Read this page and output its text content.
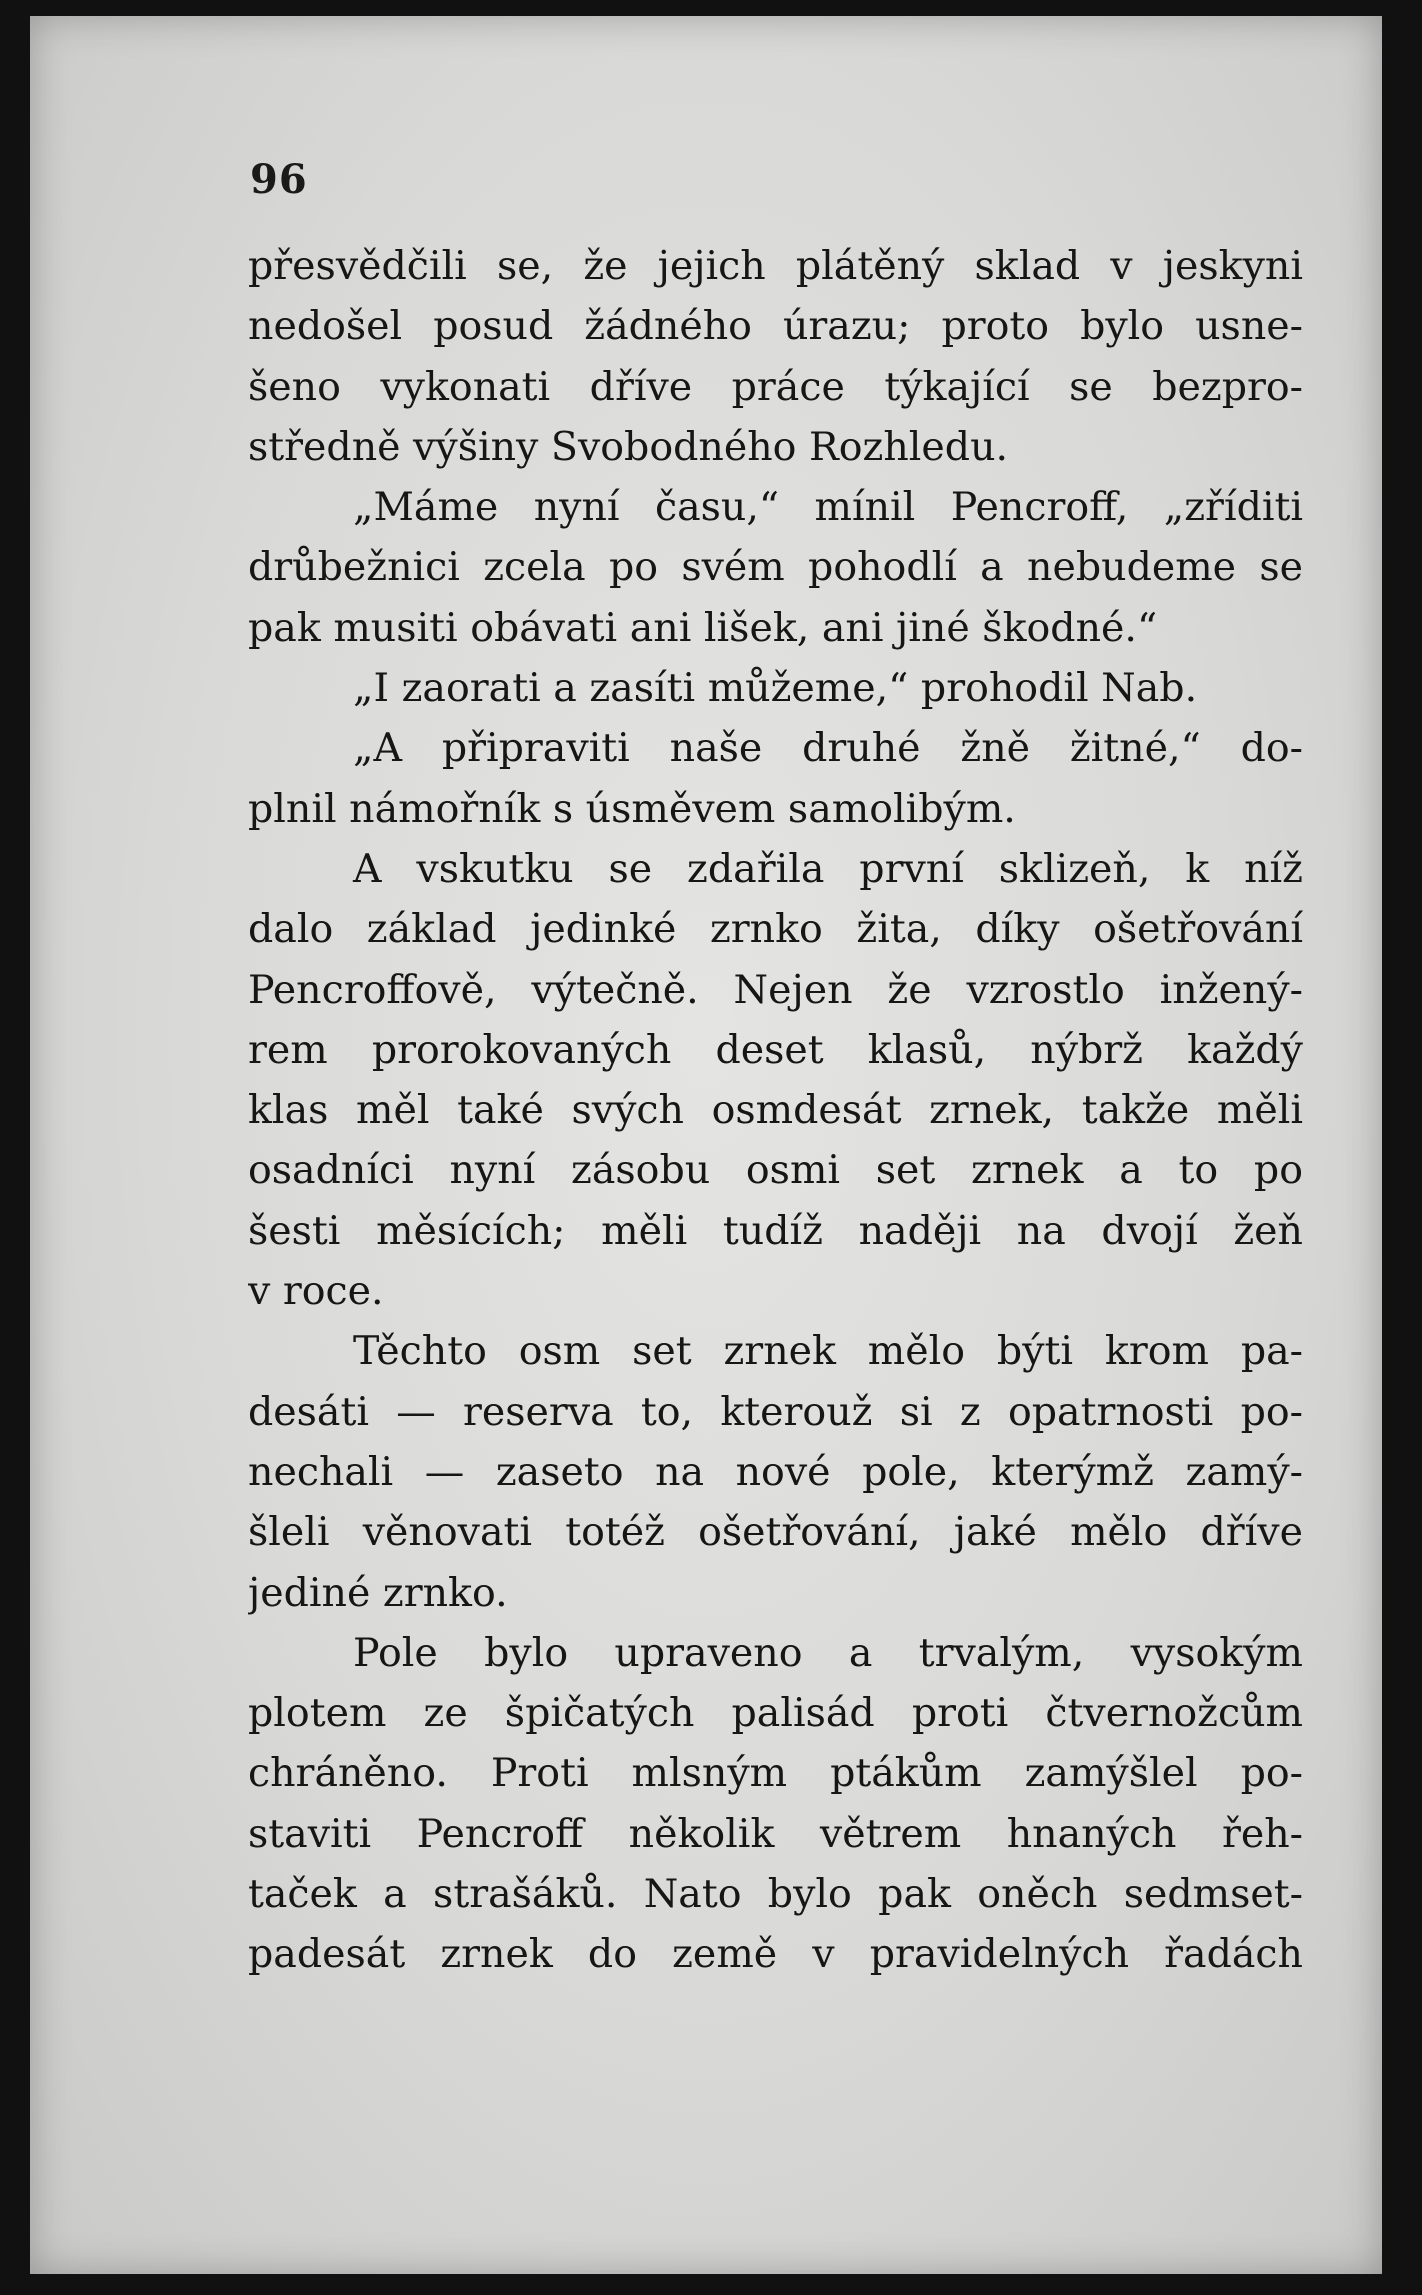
96
přesvědčili se, že jejich plátěný sklad v jeskyni
nedošel posud žádného úrazu; proto bylo usne-
šeno vykonati dříve práce týkající se bezpro-
středně výšiny Svobodného Rozhledu.
„Máme nyní času,“ mínil Pencroff, „zříditi
drůbežnici zcela po svém pohodlí a nebudeme se
pak musiti obávati ani lišek, ani jiné škodné.“
„I zaorati a zasíti můžeme,“ prohodil Nab.
„A připraviti naše druhé žně žitné,“ do-
plnil námořník s úsměvem samolibým.
A vskutku se zdařila první sklizeň, k níž
dalo základ jedinké zrnko žita, díky ošetřování
Pencroffově, výtečně. Nejen že vzrostlo inžený-
rem prorokovaných deset klasů, nýbrž každý
klas měl také svých osmdesát zrnek, takže měli
osadníci nyní zásobu osmi set zrnek a to po
šesti měsících; měli tudíž naději na dvojí žeň
v roce.
Těchto osm set zrnek mělo býti krom pa-
desáti — reserva to, kterouž si z opatrnosti po-
nechali — zaseto na nové pole, kterýmž zamý-
šleli věnovati totéž ošetřování, jaké mělo dříve
jediné zrnko.
Pole bylo upraveno a trvalým, vysokým
plotem ze špičatých palisád proti čtvernožcům
chráněno. Proti mlsným ptákům zamýšlel po-
staviti Pencroff několik větrem hnaných řeh-
taček a strašáků. Nato bylo pak oněch sedmset-
padesát zrnek do země v pravidelných řadách
